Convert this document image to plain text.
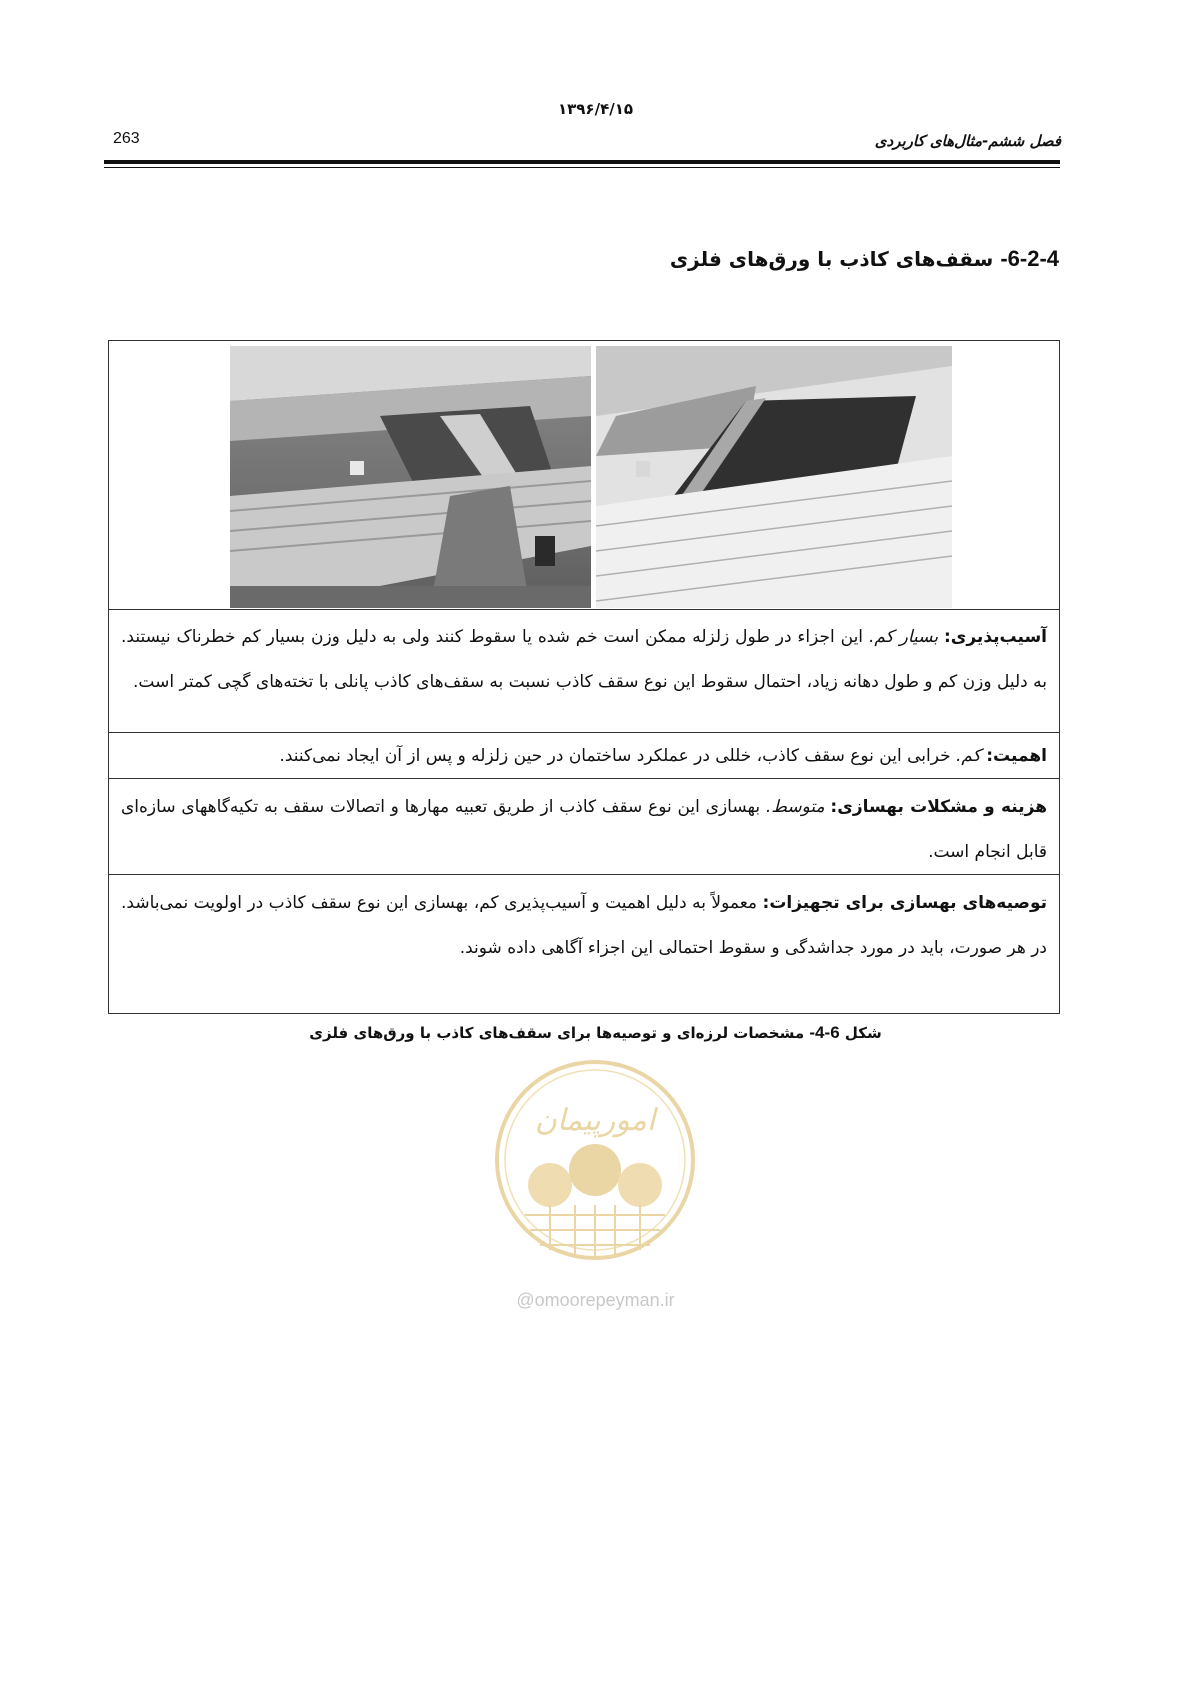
۱۳۹۶/۴/۱۵
263	فصل ششم-مثال‌های کاربردی
6-2-4- سقف‌های کاذب با ورق‌های فلزی
آسیب‌پذیری: بسیار کم. این اجزاء در طول زلزله ممکن است خم شده یا سقوط کنند ولی به دلیل وزن بسیار کم خطرناک نیستند. به دلیل وزن کم و طول دهانه زیاد، احتمال سقوط این نوع سقف کاذب نسبت به سقف‌های کاذب پانلی با تخته‌های گچی کمتر است.
اهمیت: کم. خرابی این نوع سقف کاذب، خللی در عملکرد ساختمان در حین زلزله و پس از آن ایجاد نمی‌کنند.
هزینه و مشکلات بهسازی: متوسط. بهسازی این نوع سقف کاذب از طریق تعبیه مهارها و اتصالات سقف به تکیه‌گاههای سازه‌ای قابل انجام است.
توصیه‌های بهسازی برای تجهیزات: معمولاً به دلیل اهمیت و آسیب‌پذیری کم، بهسازی این نوع سقف کاذب در اولویت نمی‌باشد. در هر صورت، باید در مورد جداشدگی و سقوط احتمالی این اجزاء آگاهی داده شوند.
شکل 6-4- مشخصات لرزه‌ای و توصیه‌ها برای سقف‌های کاذب با ورق‌های فلزی
امورپیمان
@omoorepeyman.ir
